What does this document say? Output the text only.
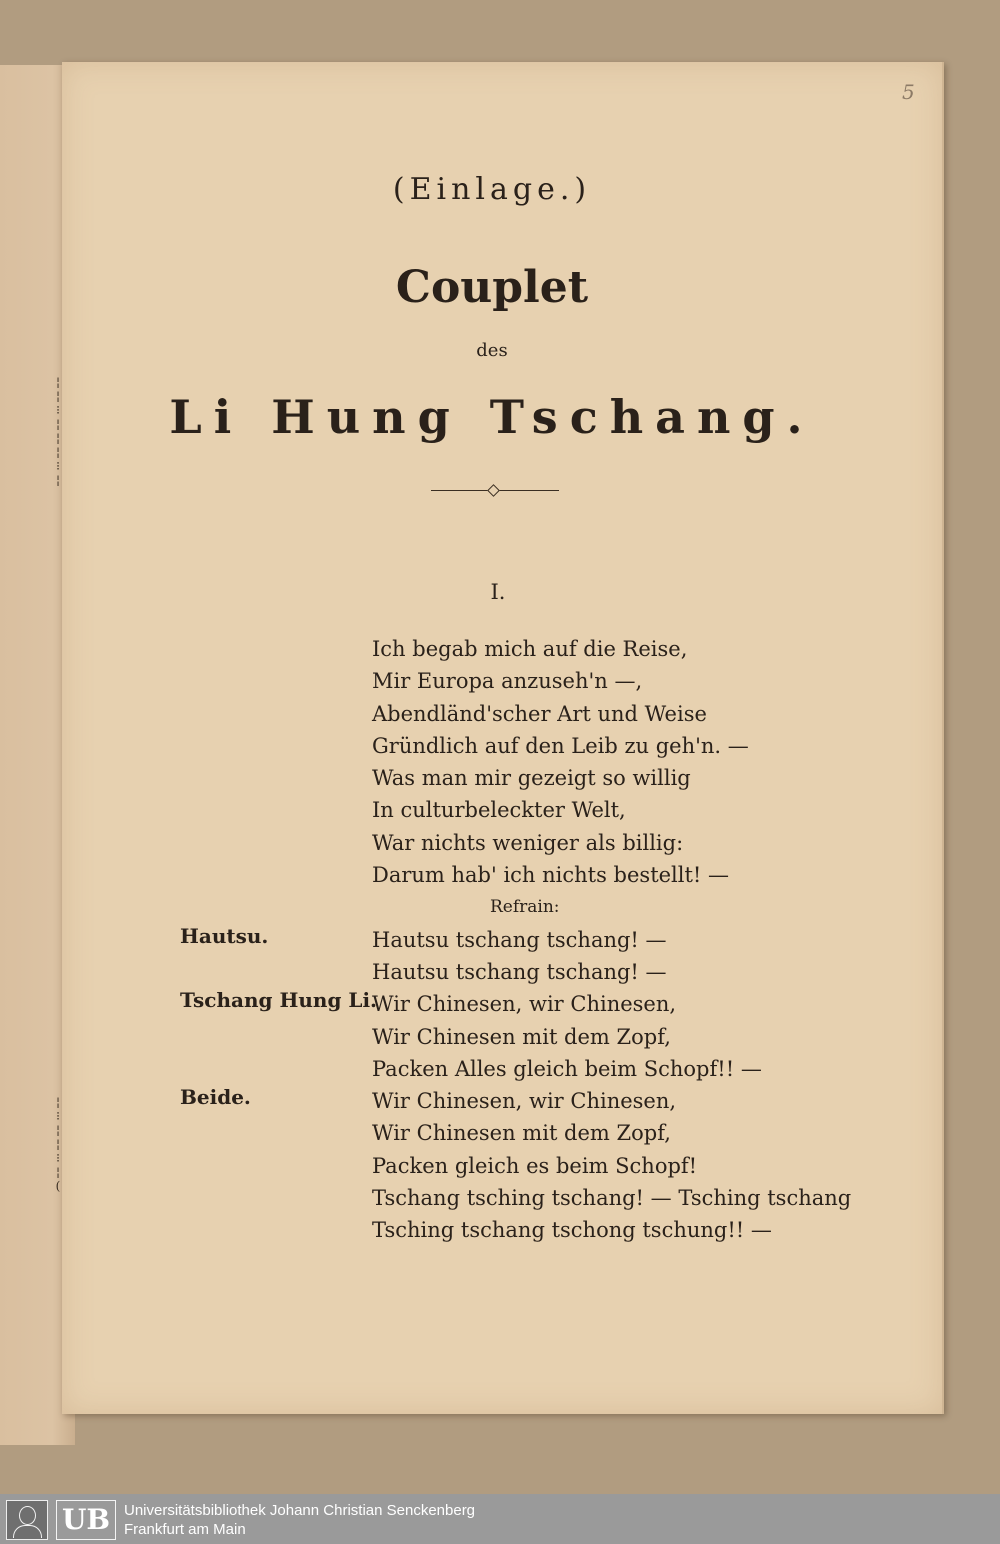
¦
¦
⁝
¦
¦
¦
⁝
¦
¦
⁝
¦
¦
⁝
¦
(
5
(Einlage.)
Couplet
des
Li Hung Tschang.
I.
Ich begab mich auf die Reise,
Mir Europa anzuseh'n —,
Abendländ'scher Art und Weise
Gründlich auf den Leib zu geh'n. —
Was man mir gezeigt so willig
In culturbeleckter Welt,
War nichts weniger als billig:
Darum hab' ich nichts bestellt! —
Refrain:
Hautsu tschang tschang! —
Hautsu tschang tschang! —
Wir Chinesen, wir Chinesen,
Wir Chinesen mit dem Zopf,
Packen Alles gleich beim Schopf!! —
Wir Chinesen, wir Chinesen,
Wir Chinesen mit dem Zopf,
Packen gleich es beim Schopf!
Tschang tsching tschang! — Tsching tschang
Tsching tschang tschong tschung!! —
Hautsu.
Tschang Hung Li.
Beide.
UB Universitätsbibliothek Johann Christian Senckenberg
Frankfurt am Main
